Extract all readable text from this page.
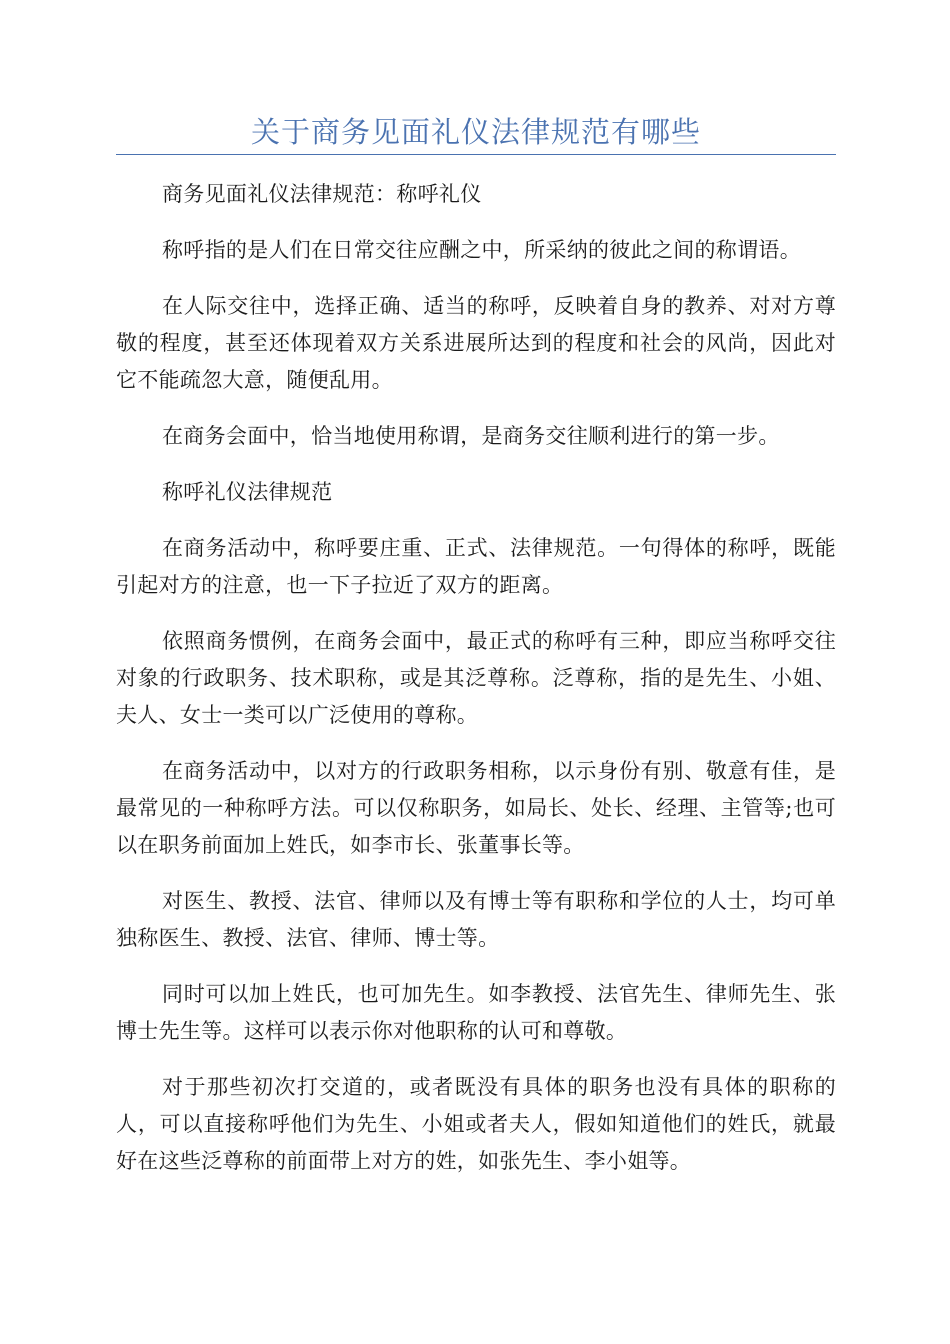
关于商务见面礼仪法律规范有哪些

商务见面礼仪法律规范：称呼礼仪

称呼指的是人们在日常交往应酬之中，所采纳的彼此之间的称谓语。

在人际交往中，选择正确、适当的称呼，反映着自身的教养、对对方尊敬的程度，甚至还体现着双方关系进展所达到的程度和社会的风尚，因此对它不能疏忽大意，随便乱用。

在商务会面中，恰当地使用称谓，是商务交往顺利进行的第一步。

称呼礼仪法律规范

在商务活动中，称呼要庄重、正式、法律规范。一句得体的称呼，既能引起对方的注意，也一下子拉近了双方的距离。

依照商务惯例，在商务会面中，最正式的称呼有三种，即应当称呼交往对象的行政职务、技术职称，或是其泛尊称。泛尊称，指的是先生、小姐、夫人、女士一类可以广泛使用的尊称。

在商务活动中，以对方的行政职务相称，以示身份有别、敬意有佳，是最常见的一种称呼方法。可以仅称职务，如局长、处长、经理、主管等;也可以在职务前面加上姓氏，如李市长、张董事长等。

对医生、教授、法官、律师以及有博士等有职称和学位的人士，均可单独称医生、教授、法官、律师、博士等。

同时可以加上姓氏，也可加先生。如李教授、法官先生、律师先生、张博士先生等。这样可以表示你对他职称的认可和尊敬。

对于那些初次打交道的，或者既没有具体的职务也没有具体的职称的人，可以直接称呼他们为先生、小姐或者夫人，假如知道他们的姓氏，就最好在这些泛尊称的前面带上对方的姓，如张先生、李小姐等。
